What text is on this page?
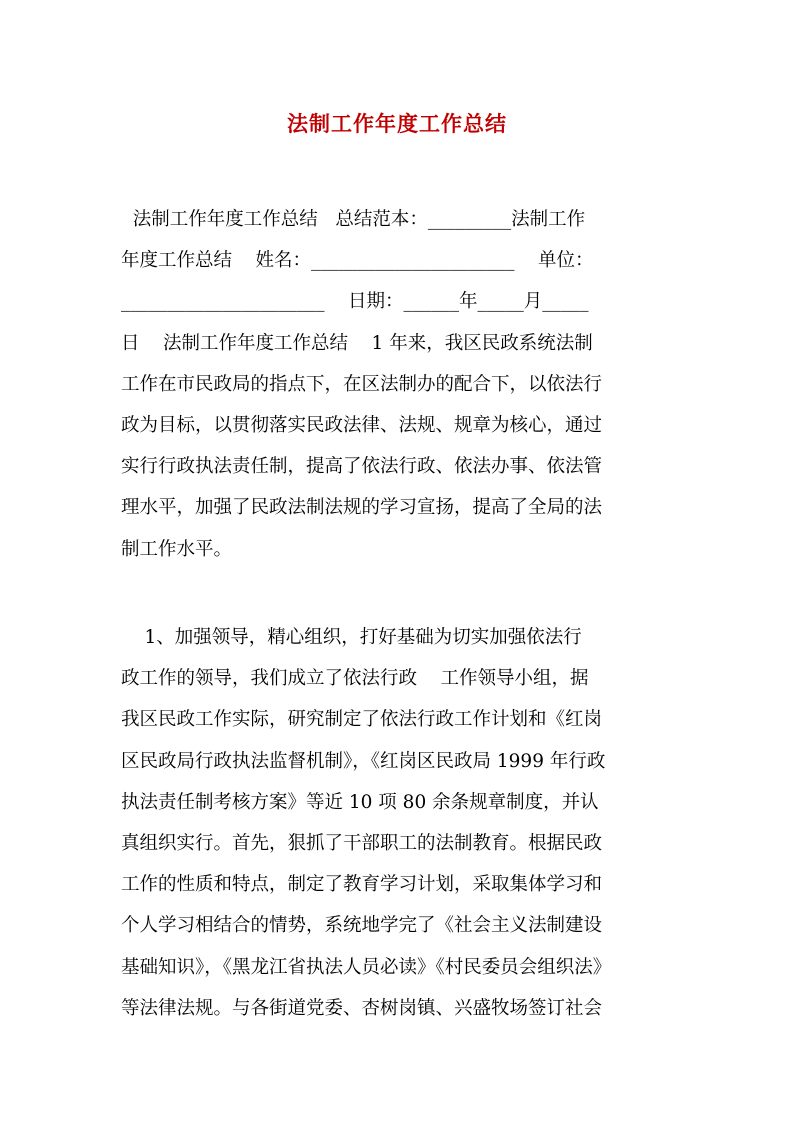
法制工作年度工作总结
法制工作年度工作总结   总结范本：_________法制工作
年度工作总结    姓名：______________________    单位：
______________________    日期：______年_____月_____
日    法制工作年度工作总结    1 年来，我区民政系统法制
工作在市民政局的指点下，在区法制办的配合下，以依法行
政为目标，以贯彻落实民政法律、法规、规章为核心，通过
实行行政执法责任制，提高了依法行政、依法办事、依法管
理水平，加强了民政法制法规的学习宣扬，提高了全局的法
制工作水平。
1、加强领导，精心组织，打好基础为切实加强依法行
政工作的领导，我们成立了依法行政    工作领导小组，据
我区民政工作实际，研究制定了依法行政工作计划和《红岗
区民政局行政执法监督机制》，《红岗区民政局 1999 年行政
执法责任制考核方案》等近 10 项 80 余条规章制度，并认
真组织实行。首先，狠抓了干部职工的法制教育。根据民政
工作的性质和特点，制定了教育学习计划，采取集体学习和
个人学习相结合的情势，系统地学完了《社会主义法制建设
基础知识》，《黑龙江省执法人员必读》《村民委员会组织法》
等法律法规。与各街道党委、杏树岗镇、兴盛牧场签订社会
